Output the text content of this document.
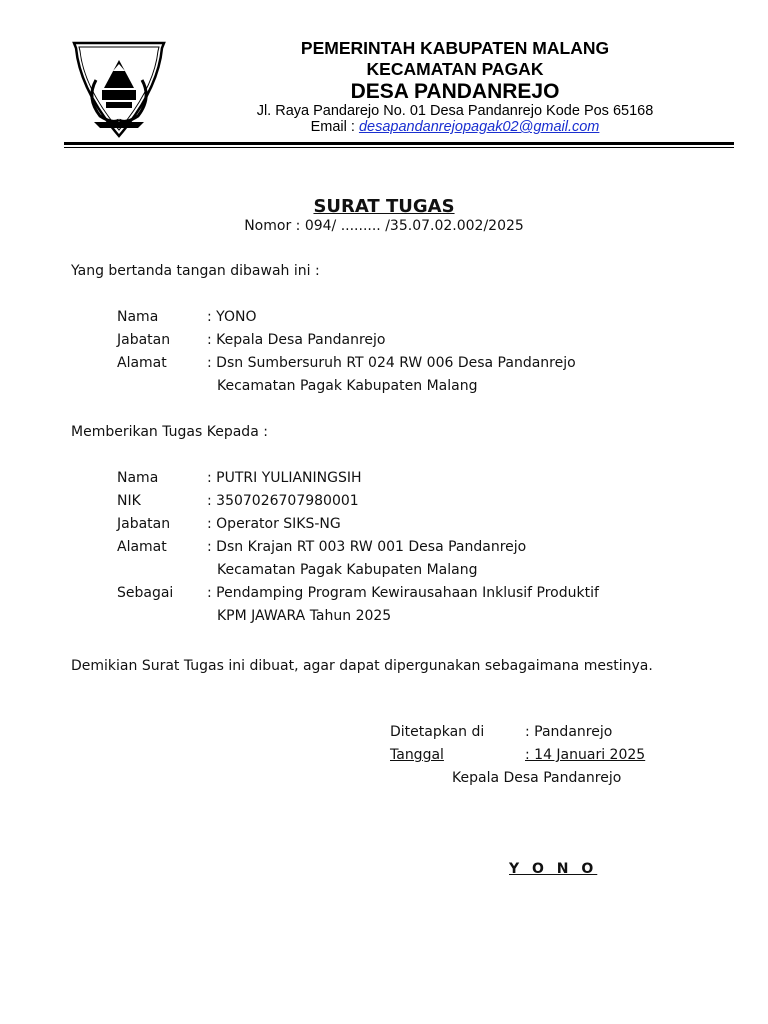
PEMERINTAH KABUPATEN MALANG
KECAMATAN PAGAK
DESA PANDANREJO
Jl. Raya Pandarejo No. 01 Desa Pandanrejo Kode Pos 65168
Email : desapandanrejopagak02@gmail.com
SURAT TUGAS
Nomor : 094/ ......... /35.07.02.002/2025
Yang bertanda tangan dibawah ini :
Nama	: YONO
Jabatan	: Kepala Desa Pandanrejo
Alamat	: Dsn Sumbersuruh RT 024 RW 006 Desa Pandanrejo
Kecamatan Pagak Kabupaten Malang
Memberikan Tugas Kepada :
Nama	: PUTRI YULIANINGSIH
NIK	: 3507026707980001
Jabatan	: Operator SIKS-NG
Alamat	: Dsn Krajan RT 003 RW 001 Desa Pandanrejo
Kecamatan Pagak Kabupaten Malang
Sebagai : Pendamping Program Kewirausahaan Inklusif Produktif
KPM JAWARA Tahun 2025
Demikian Surat Tugas ini dibuat, agar dapat dipergunakan sebagaimana mestinya.
Ditetapkan di	: Pandanrejo
Tanggal	: 14 Januari 2025
Kepala Desa Pandanrejo
Y O N O
